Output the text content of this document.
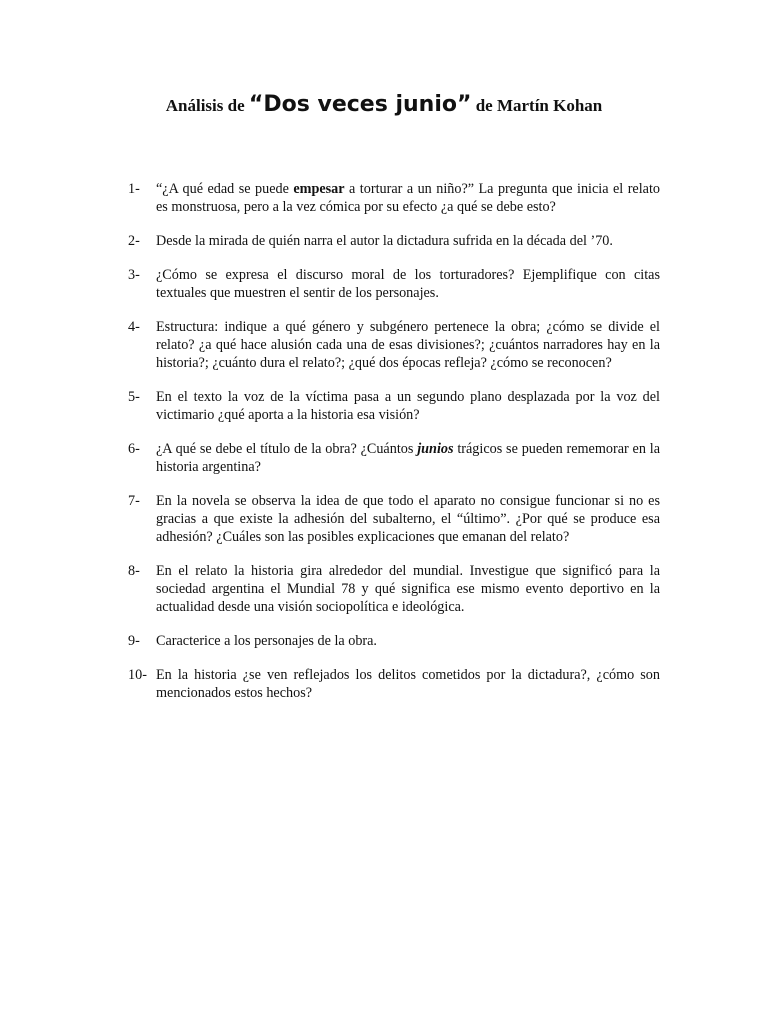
Análisis de “Dos veces junio” de Martín Kohan
1-	“¿A qué edad se puede empesar a torturar a un niño?” La pregunta que inicia el relato es monstruosa, pero a la vez cómica por su efecto ¿a qué se debe esto?
2-	Desde la mirada de quién narra el autor la dictadura sufrida en la década del ’70.
3-	¿Cómo se expresa el discurso moral de los torturadores? Ejemplifique con citas textuales que muestren el sentir de los personajes.
4-	Estructura: indique a qué género y subgénero pertenece la obra; ¿cómo se divide el relato? ¿a qué hace alusión cada una de esas divisiones?; ¿cuántos narradores hay en la historia?; ¿cuánto dura el relato?; ¿qué dos épocas refleja? ¿cómo se reconocen?
5-	En el texto la voz de la víctima pasa a un segundo plano desplazada por la voz del victimario ¿qué aporta a la historia esa visión?
6-	¿A qué se debe el título de la obra? ¿Cuántos junios trágicos se pueden rememorar en la historia argentina?
7-	En la novela se observa la idea de que todo el aparato no consigue funcionar si no es gracias a que existe la adhesión del subalterno, el “último”. ¿Por qué se produce esa adhesión? ¿Cuáles son las posibles explicaciones que emanan del relato?
8-	En el relato la historia gira alrededor del mundial. Investigue que significó para la sociedad argentina el Mundial 78 y qué significa ese mismo evento deportivo en la actualidad desde una visión sociopolítica e ideológica.
9-	Caracterice a los personajes de la obra.
10- En la historia ¿se ven reflejados los delitos cometidos por la dictadura?, ¿cómo son mencionados estos hechos?
